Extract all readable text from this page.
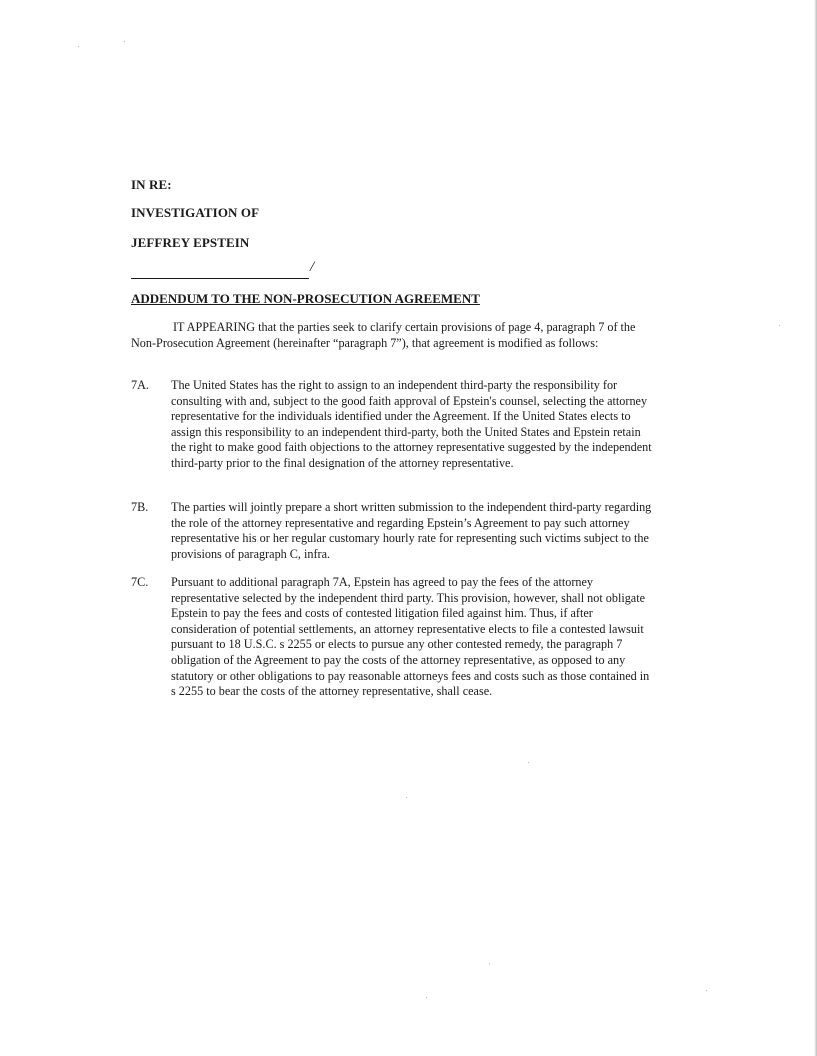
IN RE:

INVESTIGATION OF

JEFFREY EPSTEIN

/

ADDENDUM TO THE NON-PROSECUTION AGREEMENT

IT APPEARING that the parties seek to clarify certain provisions of page 4, paragraph 7 of the Non-Prosecution Agreement (hereinafter “paragraph 7”), that agreement is modified as follows:

7A.	The United States has the right to assign to an independent third-party the responsibility for consulting with and, subject to the good faith approval of Epstein's counsel, selecting the attorney representative for the individuals identified under the Agreement. If the United States elects to assign this responsibility to an independent third-party, both the United States and Epstein retain the right to make good faith objections to the attorney representative suggested by the independent third-party prior to the final designation of the attorney representative.

7B.	The parties will jointly prepare a short written submission to the independent third-party regarding the role of the attorney representative and regarding Epstein’s Agreement to pay such attorney representative his or her regular customary hourly rate for representing such victims subject to the provisions of paragraph C, infra.

7C.	Pursuant to additional paragraph 7A, Epstein has agreed to pay the fees of the attorney representative selected by the independent third party. This provision, however, shall not obligate Epstein to pay the fees and costs of contested litigation filed against him. Thus, if after consideration of potential settlements, an attorney representative elects to file a contested lawsuit pursuant to 18 U.S.C. s 2255 or elects to pursue any other contested remedy, the paragraph 7 obligation of the Agreement to pay the costs of the attorney representative, as opposed to any statutory or other obligations to pay reasonable attorneys fees and costs such as those contained in s 2255 to bear the costs of the attorney representative, shall cease.
